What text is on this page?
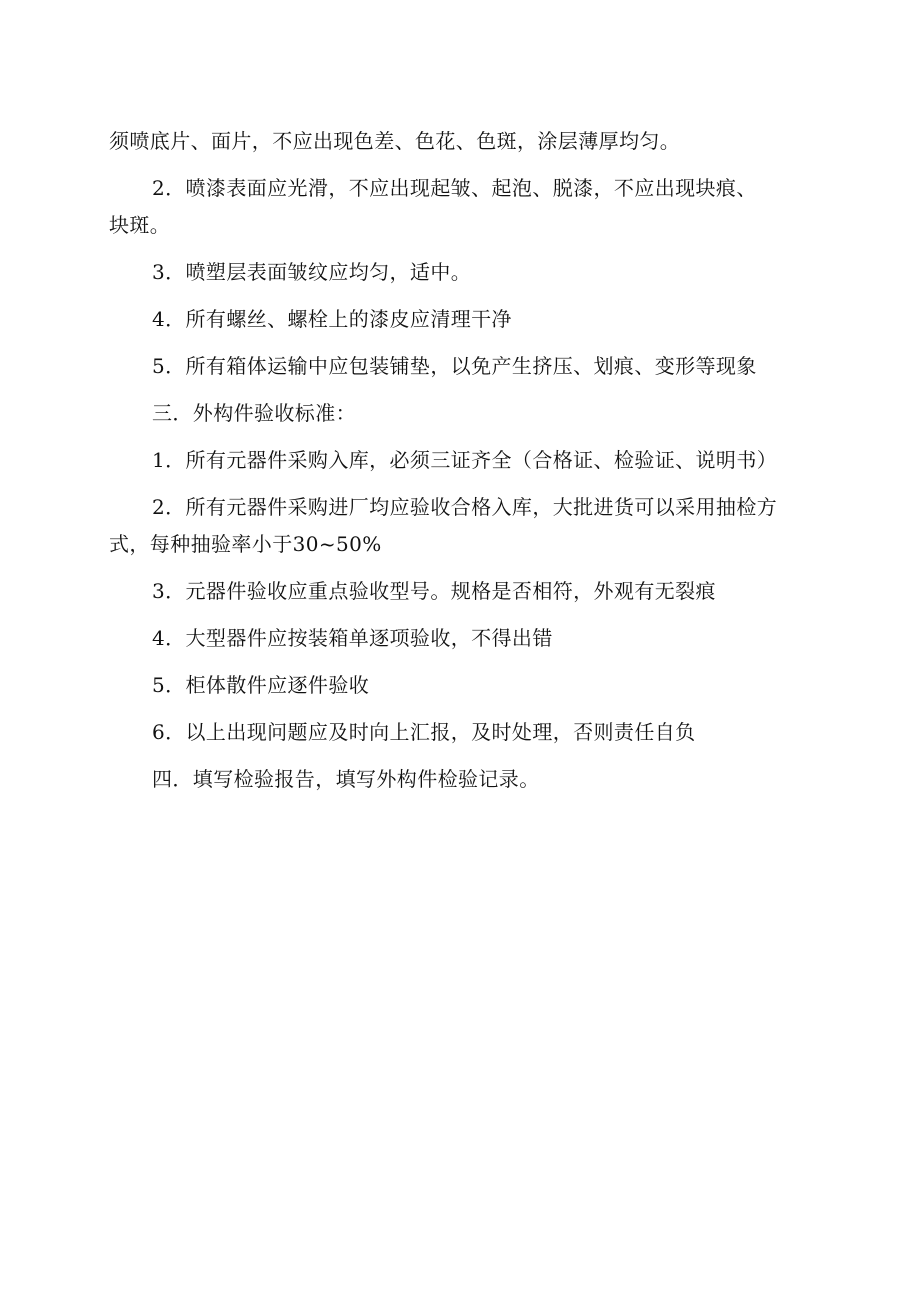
须喷底片、面片，不应出现色差、色花、色斑，涂层薄厚均匀。
2．喷漆表面应光滑，不应出现起皱、起泡、脱漆，不应出现块痕、
块斑。
3．喷塑层表面皱纹应均匀，适中。
4．所有螺丝、螺栓上的漆皮应清理干净
5．所有箱体运输中应包装铺垫，以免产生挤压、划痕、变形等现象
三．外构件验收标准：
1．所有元器件采购入库，必须三证齐全（合格证、检验证、说明书）
2．所有元器件采购进厂均应验收合格入库，大批进货可以采用抽检方
式，每种抽验率小于30~50%
3．元器件验收应重点验收型号。规格是否相符，外观有无裂痕
4．大型器件应按装箱单逐项验收，不得出错
5．柜体散件应逐件验收
6．以上出现问题应及时向上汇报，及时处理，否则责任自负
四．填写检验报告，填写外构件检验记录。
